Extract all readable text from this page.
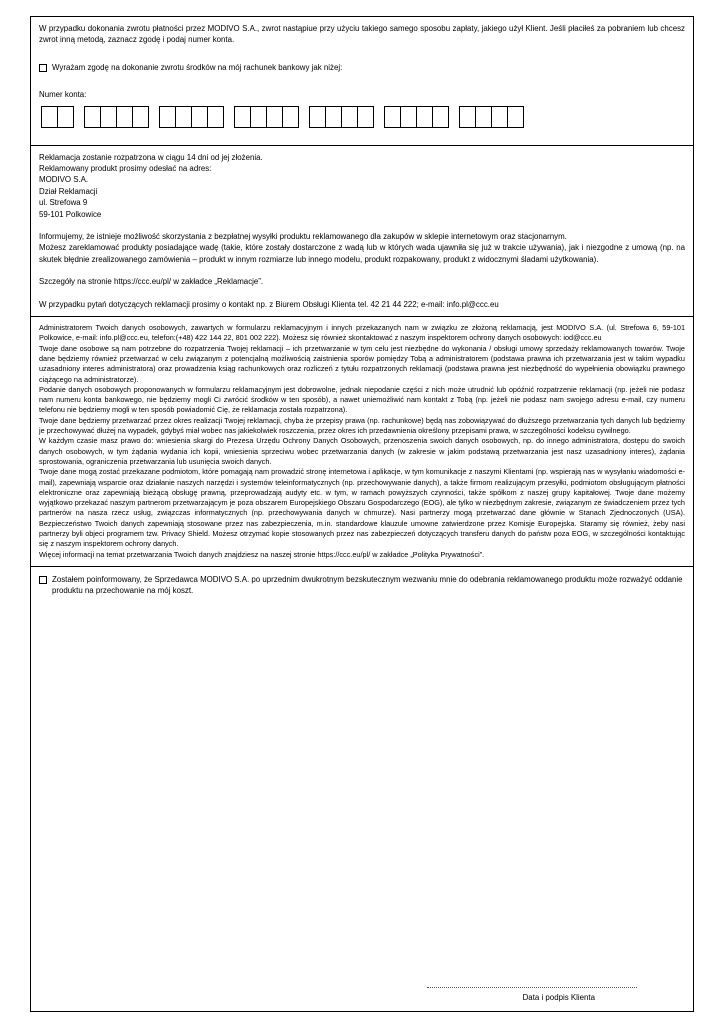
W przypadku dokonania zwrotu płatności przez MODIVO S.A., zwrot nastąpiue przy użyciu takiego samego sposobu zapłaty, jakiego użył Klient. Jeśli płaciłeś za pobraniem lub chcesz zwrot inną metodą, zaznacz zgodę i podaj numer konta.

Wyrażam zgodę na dokonanie zwrotu środków na mój rachunek bankowy jak niżej:
Numer konta:

Reklamacja zostanie rozpatrzona w ciągu 14 dni od jej złożenia.

Reklamowany produkt prosimy odesłać na adres:

MODIVO S.A.

Dział Reklamacji

ul. Strefowa 9

59-101 Polkowice

Informujemy, że istnieje możliwość skorzystania z bezpłatnej wysyłki produktu reklamowanego dla zakupów w sklepie internetowym oraz stacjonarnym.

Możesz zareklamować produkty posiadające wadę (takie, które zostały dostarczone z wadą lub w których wada ujawniła się już w trakcie używania), jak i niezgodne z umową (np. na skutek błędnie zrealizowanego zamówienia – produkt w innym rozmiarze lub innego modelu, produkt rozpakowany, produkt z widocznymi śladami użytkowania).

Szczegóły na stronie https://ccc.eu/pl/ w zakładce „Reklamacje”.

W przypadku pytań dotyczących reklamacji prosimy o kontakt np. z Biurem Obsługi Klienta tel. 42 21 44 222; e-mail: info.pl@ccc.eu

Administratorem Twoich danych osobowych, zawartych w formularzu reklamacyjnym i innych przekazanych nam w związku ze złożoną reklamacją, jest MODIVO S.A. (ul. Strefowa 6, 59-101 Polkowice, e-mail: info.pl@ccc.eu, telefon:(+48) 422 144 22, 801 002 222). Możesz się również skontaktować z naszym inspektorem ochrony danych osobowych: iod@ccc.eu

Twoje dane osobowe są nam potrzebne do rozpatrzenia Twojej reklamacji – ich przetwarzanie w tym celu jest niezbędne do wykonania / obsługi umowy sprzedaży reklamowanych towarów. Twoje dane będziemy również przetwarzać w celu związanym z potencjalną możliwością zaistnienia sporów pomiędzy Tobą a administratorem (podstawa prawna ich przetwarzania jest w takim wypadku uzasadniony interes administratora) oraz prowadzenia ksiąg rachunkowych oraz rozliczeń z tytułu rozpatrzonych reklamacji (podstawa prawna jest niezbędność do wypełnienia obowiązku prawnego ciążącego na administratorze).

Podanie danych osobowych proponowanych w formularzu reklamacyjnym jest dobrowolne, jednak niepodanie części z nich może utrudnić lub opóźnić rozpatrzenie reklamacji (np. jeżeli nie podasz nam numeru konta bankowego, nie będziemy mogli Ci zwrócić środków w ten sposób), a nawet uniemożliwić nam kontakt z Tobą (np. jeżeli nie podasz nam swojego adresu e-mail, czy numeru telefonu nie będziemy mogli w ten sposób powiadomić Cię, że reklamacja została rozpatrzona).

Twoje dane będziemy przetwarzać przez okres realizacji Twojej reklamacji, chyba że przepisy prawa (np. rachunkowe) będą nas zobowiązywać do dłuższego przetwarzania tych danych lub będziemy je przechowywać dłużej na wypadek, gdybyś miał wobec nas jakiekolwiek roszczenia, przez okres ich przedawnienia określony przepisami prawa, w szczególności kodeksu cywilnego.

W każdym czasie masz prawo do: wniesienia skargi do Prezesa Urzędu Ochrony Danych Osobowych, przenoszenia swoich danych osobowych, np. do innego administratora, dostępu do swoich danych osobowych, w tym żądania wydania ich kopii, wniesienia sprzeciwu wobec przetwarzania danych (w zakresie w jakim podstawą przetwarzania jest nasz uzasadniony interes), żądania sprostowania, ograniczenia przetwarzania lub usunięcia swoich danych.

Twoje dane mogą zostać przekazane podmiotom, które pomagają nam prowadzić stronę internetowa i aplikacje, w tym komunikacje z naszymi Klientami (np. wspierają nas w wysyłaniu wiadomości e-mail), zapewniają wsparcie oraz działanie naszych narzędzi i systemów teleinformatycznych (np. przechowywanie danych), a także firmom realizującym przesyłki, podmiotom obsługującym płatności elektroniczne oraz zapewniają bieżącą obsługę prawną, przeprowadzają audyty etc. w tym, w ramach powyższych czynności, także spółkom z naszej grupy kapitałowej. Twoje dane możemy wyjątkowo przekazać naszym partnerom przetwarzającym je poza obszarem Europejskiego Obszaru Gospodarczego (EOG), ale tylko w niezbędnym zakresie, związanym ze świadczeniem przez tych partnerów na nasza rzecz usług, związczas informatycznych (np. przechowywania danych w chmurze). Nasi partnerzy mogą przetwarzać dane głównie w Stanach Zjednoczonych (USA). Bezpieczeństwo Twoich danych zapewniają stosowane przez nas zabezpieczenia, m.in. standardowe klauzule umowne zatwierdzone przez Komisje Europejska. Staramy się również, żeby nasi partnerzy byli objeci programem tzw. Privacy Shield. Możesz otrzymać kopie stosowanych przez nas zabezpieczeń dotyczących transferu danych do państw poza EOG, w szczególności kontaktując się z naszym inspektorem ochrony danych.

Więcej informacji na temat przetwarzania Twoich danych znajdziesz na naszej stronie https://ccc.eu/pl/ w zakładce „Polityka Prywatności”.

Zostałem poinformowany, że Sprzedawca MODIVO S.A. po uprzednim dwukrotnym bezskutecznym wezwaniu mnie do odebrania reklamowanego produktu może rozważyć oddanie produktu na przechowanie na mój koszt.
Data i podpis Klienta
